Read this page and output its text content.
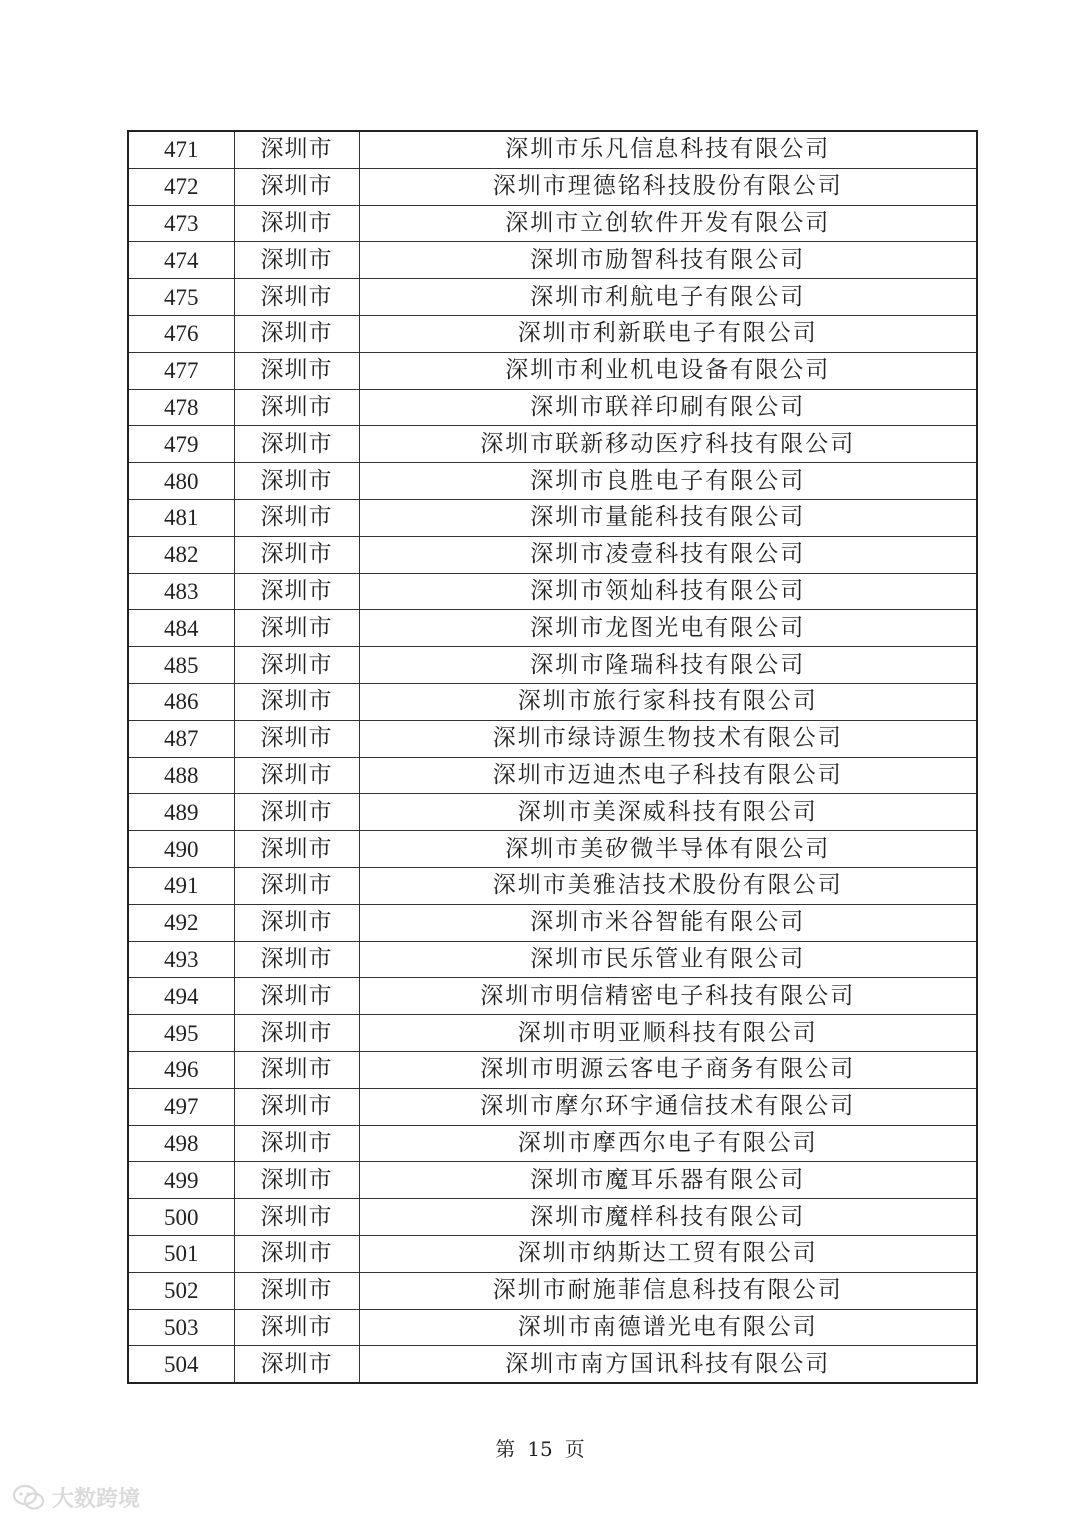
471	深圳市	深圳市乐凡信息科技有限公司
472	深圳市	深圳市理德铭科技股份有限公司
473	深圳市	深圳市立创软件开发有限公司
474	深圳市	深圳市励智科技有限公司
475	深圳市	深圳市利航电子有限公司
476	深圳市	深圳市利新联电子有限公司
477	深圳市	深圳市利业机电设备有限公司
478	深圳市	深圳市联祥印刷有限公司
479	深圳市	深圳市联新移动医疗科技有限公司
480	深圳市	深圳市良胜电子有限公司
481	深圳市	深圳市量能科技有限公司
482	深圳市	深圳市凌壹科技有限公司
483	深圳市	深圳市领灿科技有限公司
484	深圳市	深圳市龙图光电有限公司
485	深圳市	深圳市隆瑞科技有限公司
486	深圳市	深圳市旅行家科技有限公司
487	深圳市	深圳市绿诗源生物技术有限公司
488	深圳市	深圳市迈迪杰电子科技有限公司
489	深圳市	深圳市美深威科技有限公司
490	深圳市	深圳市美矽微半导体有限公司
491	深圳市	深圳市美雅洁技术股份有限公司
492	深圳市	深圳市米谷智能有限公司
493	深圳市	深圳市民乐管业有限公司
494	深圳市	深圳市明信精密电子科技有限公司
495	深圳市	深圳市明亚顺科技有限公司
496	深圳市	深圳市明源云客电子商务有限公司
497	深圳市	深圳市摩尔环宇通信技术有限公司
498	深圳市	深圳市摩西尔电子有限公司
499	深圳市	深圳市魔耳乐器有限公司
500	深圳市	深圳市魔样科技有限公司
501	深圳市	深圳市纳斯达工贸有限公司
502	深圳市	深圳市耐施菲信息科技有限公司
503	深圳市	深圳市南德谱光电有限公司
504	深圳市	深圳市南方国讯科技有限公司
第 15 页
大数跨境
